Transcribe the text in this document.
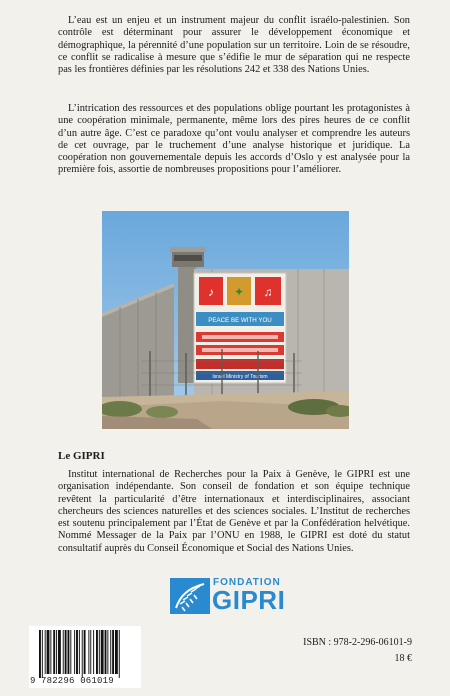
L’eau est un enjeu et un instrument majeur du conflit israélo-palestinien. Son contrôle est déterminant pour assurer le développement économique et démographique, la pérennité d’une population sur un territoire. Loin de se résoudre, ce conflit se radicalise à mesure que s’édifie le mur de séparation qui ne respecte pas les frontières définies par les résolutions 242 et 338 des Nations Unies.

L’intrication des ressources et des populations oblige pourtant les protagonistes à une coopération minimale, permanente, même lors des pires heures de ce conflit d’un autre âge. C’est ce paradoxe qu’ont voulu analyser et comprendre les auteurs de cet ouvrage, par le truchement d’une analyse historique et juridique. La coopération non gouvernementale depuis les accords d’Oslo y est analysée pour la première fois, assortie de nombreuses propositions pour l’améliorer.

♪ ✦ ♫
PEACE BE WITH YOU
Israel Ministry of Tourism
Le GIPRI

Institut international de Recherches pour la Paix à Genève, le GIPRI est une organisation indépendante. Son conseil de fondation et son équipe technique revêtent la particularité d’être internationaux et interdisciplinaires, associant chercheurs des sciences naturelles et des sciences sociales. L’Institut de recherches est soutenu principalement par l’État de Genève et par la Confédération helvétique. Nommé Messager de la Paix par l’ONU en 1988, le GIPRI est doté du statut consultatif auprès du Conseil Économique et Social des Nations Unies.

FONDATION
GIPRI
9 782296 061019
ISBN : 978-2-296-06101-9
18 €
